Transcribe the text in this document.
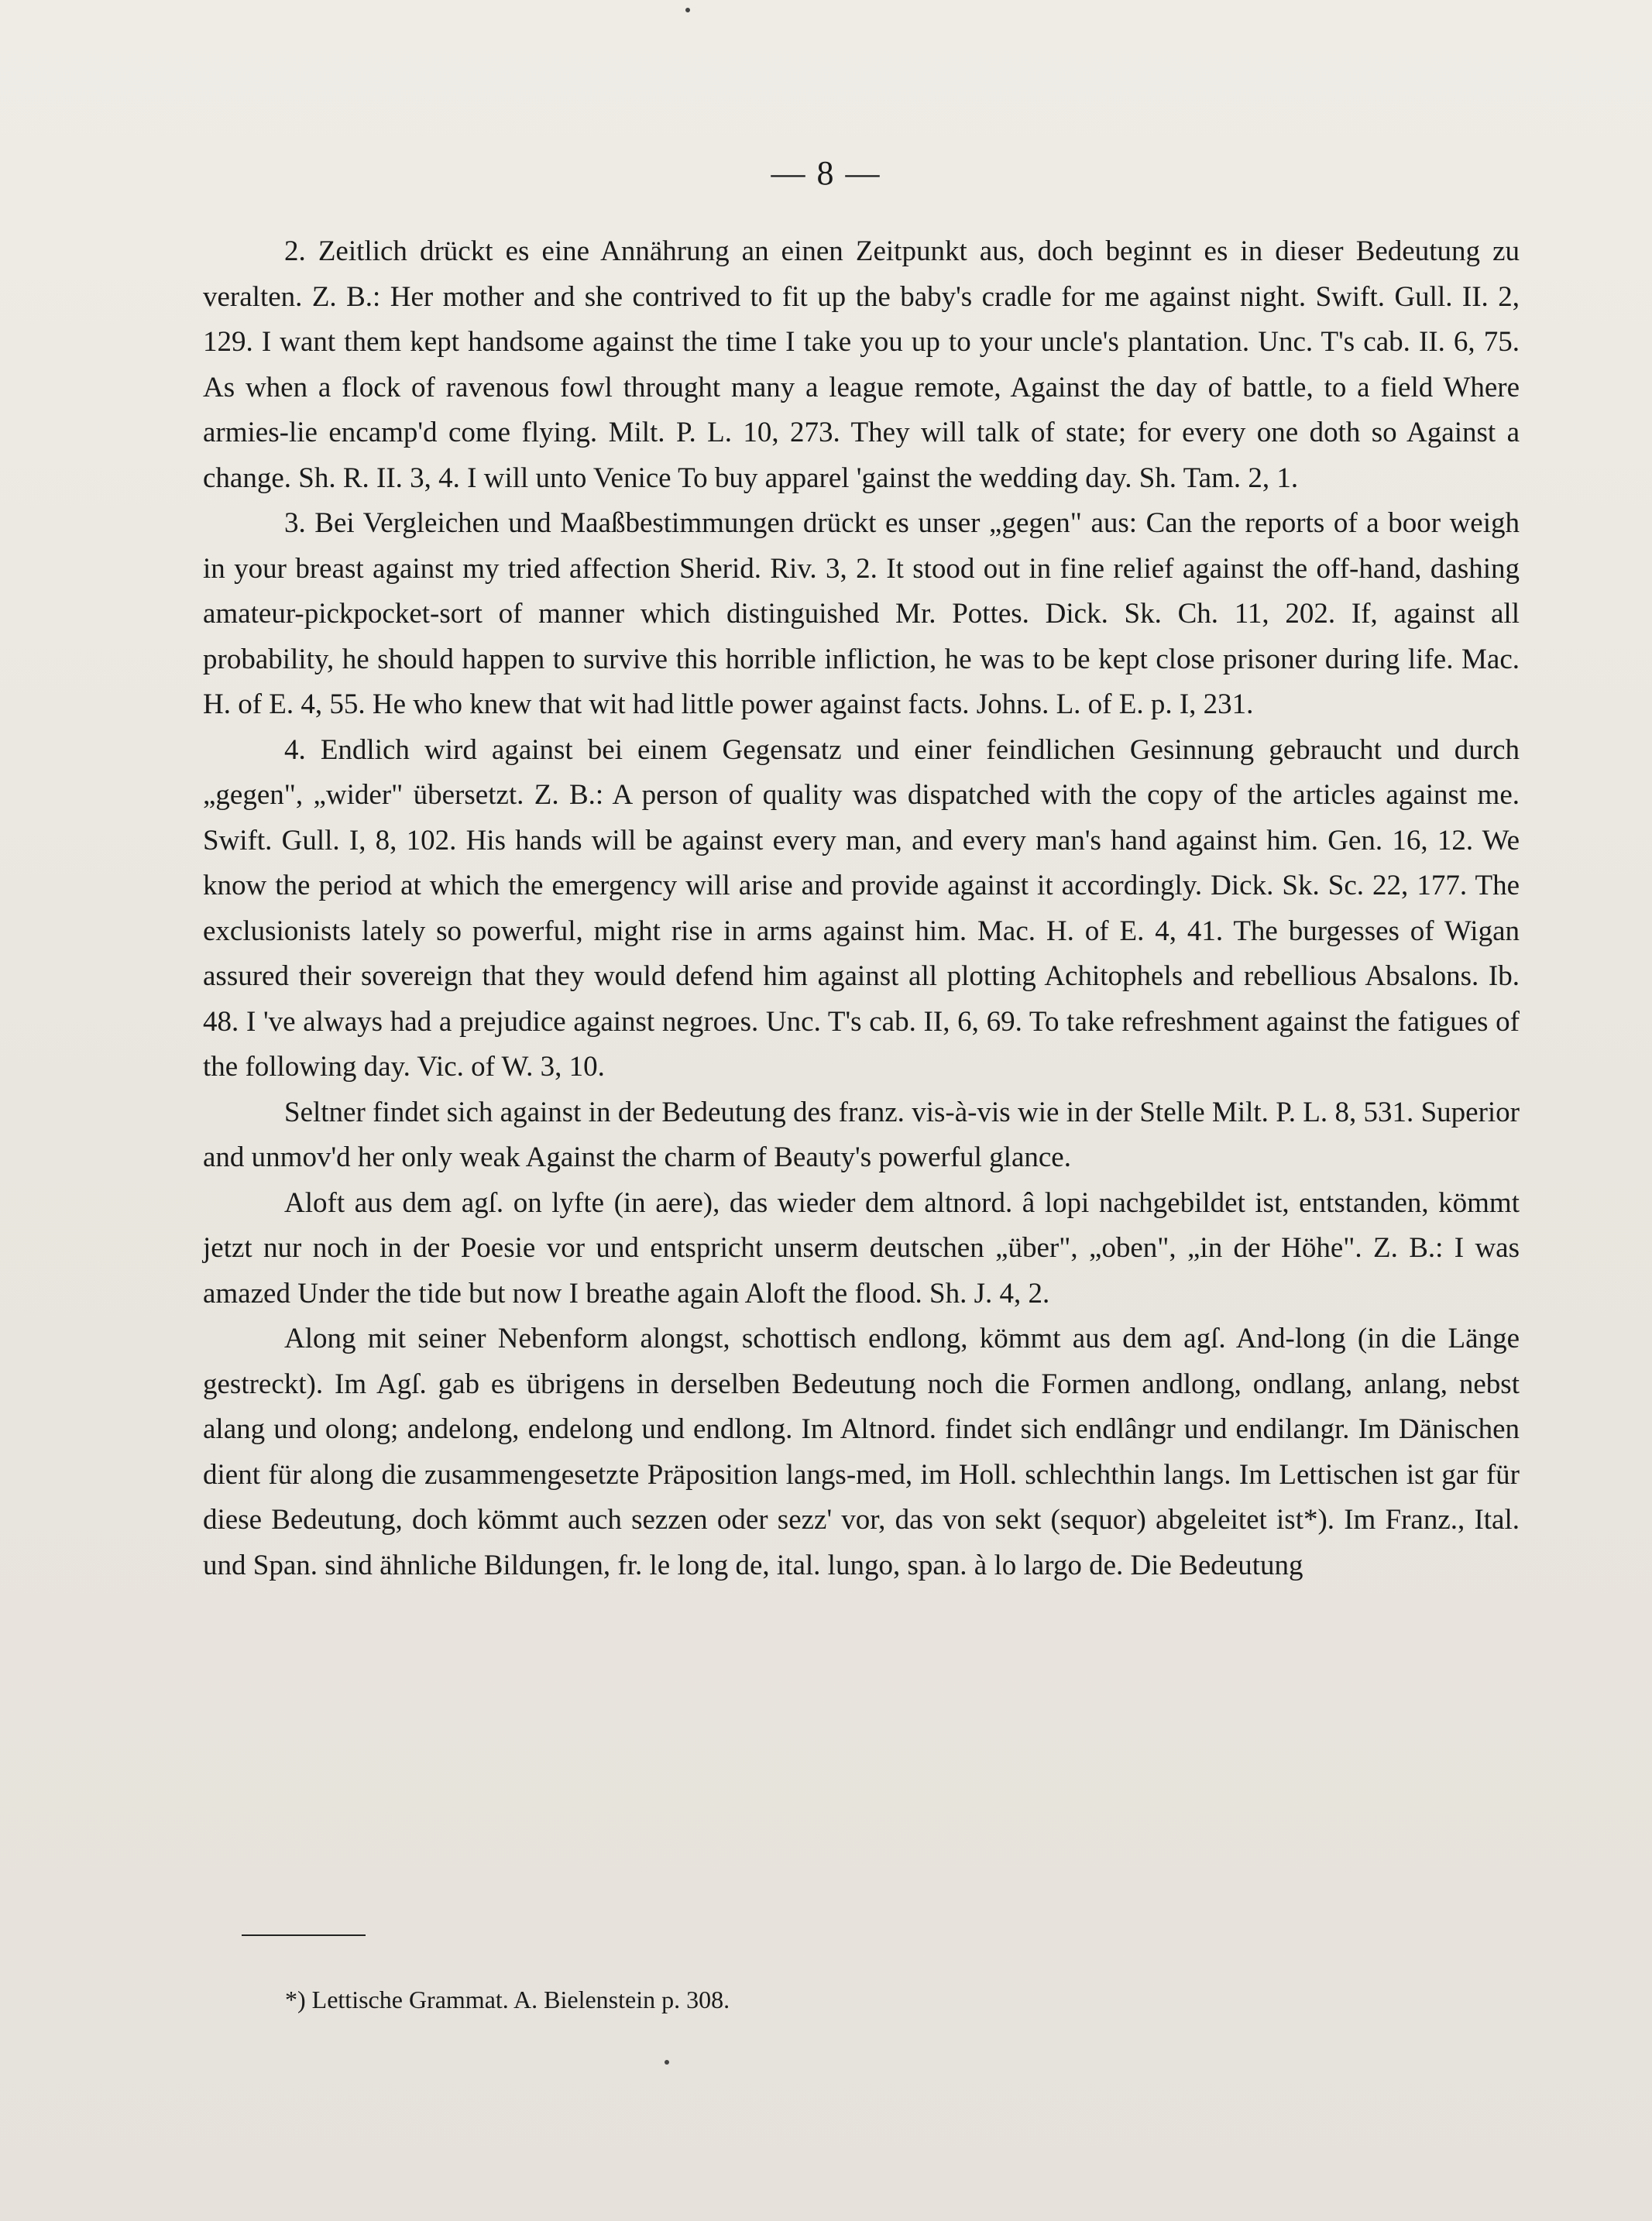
— 8 —

2. Zeitlich drückt es eine Annährung an einen Zeitpunkt aus, doch beginnt es in dieser Bedeutung zu veralten. Z. B.: Her mother and she contrived to fit up the baby's cradle for me against night. Swift. Gull. II. 2, 129. I want them kept handsome against the time I take you up to your uncle's plantation. Unc. T's cab. II. 6, 75. As when a flock of ravenous fowl throught many a league remote, Against the day of battle, to a field Where armies-lie encamp'd come flying. Milt. P. L. 10, 273. They will talk of state; for every one doth so Against a change. Sh. R. II. 3, 4. I will unto Venice To buy apparel 'gainst the wedding day. Sh. Tam. 2, 1.

3. Bei Vergleichen und Maaßbestimmungen drückt es unser „gegen" aus: Can the reports of a boor weigh in your breast against my tried affection Sherid. Riv. 3, 2. It stood out in fine relief against the off-hand, dashing amateur-pickpocket-sort of manner which distinguished Mr. Pottes. Dick. Sk. Ch. 11, 202. If, against all probability, he should happen to survive this horrible infliction, he was to be kept close prisoner during life. Mac. H. of E. 4, 55. He who knew that wit had little power against facts. Johns. L. of E. p. I, 231.

4. Endlich wird against bei einem Gegensatz und einer feindlichen Gesinnung gebraucht und durch „gegen", „wider" übersetzt. Z. B.: A person of quality was dispatched with the copy of the articles against me. Swift. Gull. I, 8, 102. His hands will be against every man, and every man's hand against him. Gen. 16, 12. We know the period at which the emergency will arise and provide against it accordingly. Dick. Sk. Sc. 22, 177. The exclusionists lately so powerful, might rise in arms against him. Mac. H. of E. 4, 41. The burgesses of Wigan assured their sovereign that they would defend him against all plotting Achitophels and rebellious Absalons. Ib. 48. I 've always had a prejudice against negroes. Unc. T's cab. II, 6, 69. To take refreshment against the fatigues of the following day. Vic. of W. 3, 10.

Seltner findet sich against in der Bedeutung des franz. vis-à-vis wie in der Stelle Milt. P. L. 8, 531. Superior and unmov'd her only weak Against the charm of Beauty's powerful glance.

Aloft aus dem agſ. on lyfte (in aere), das wieder dem altnord. â lopi nachgebildet ist, entstanden, kömmt jetzt nur noch in der Poesie vor und entspricht unserm deutschen „über", „oben", „in der Höhe". Z. B.: I was amazed Under the tide but now I breathe again Aloft the flood. Sh. J. 4, 2.

Along mit seiner Nebenform alongst, schottisch endlong, kömmt aus dem agſ. And-long (in die Länge gestreckt). Im Agſ. gab es übrigens in derselben Bedeutung noch die Formen andlong, ondlang, anlang, nebst alang und olong; andelong, endelong und endlong. Im Altnord. findet sich endlângr und endilangr. Im Dänischen dient für along die zusammengesetzte Präposition langs-med, im Holl. schlechthin langs. Im Lettischen ist gar für diese Bedeutung, doch kömmt auch sezzen oder sezz' vor, das von sekt (sequor) abgeleitet ist*). Im Franz., Ital. und Span. sind ähnliche Bildungen, fr. le long de, ital. lungo, span. à lo largo de. Die Bedeutung

*) Lettische Grammat. A. Bielenstein p. 308.
